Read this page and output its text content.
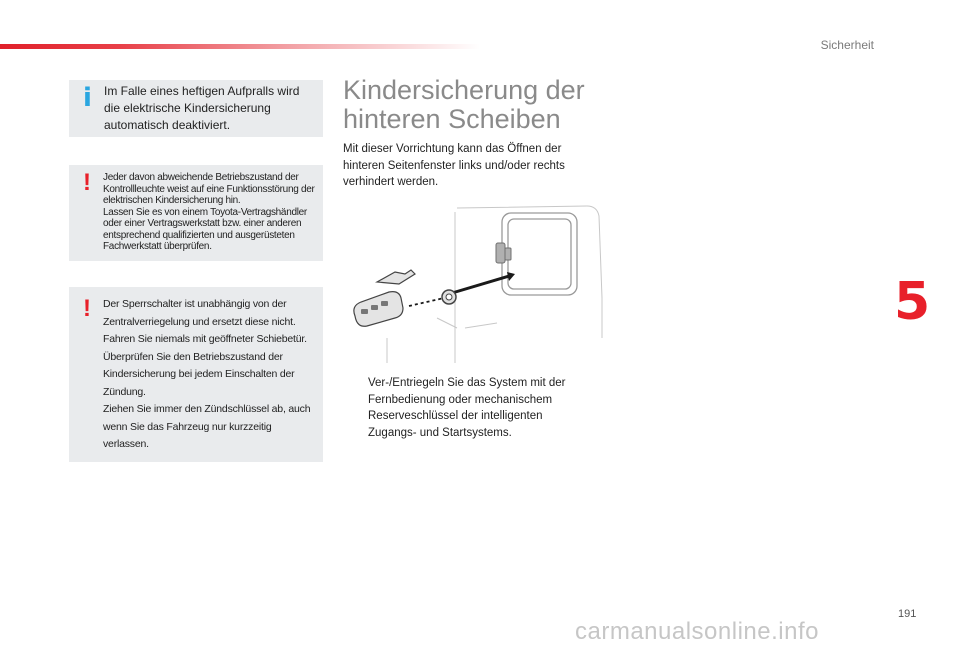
Sicherheit
5
191
i Im Falle eines heftigen Aufpralls wird die elektrische Kindersicherung automatisch deaktiviert.
! Jeder davon abweichende Betriebszustand der Kontrollleuchte weist auf eine Funktionsstörung der elektrischen Kindersicherung hin.
Lassen Sie es von einem Toyota-Vertragshändler oder einer Vertragswerkstatt bzw. einer anderen entsprechend qualifizierten und ausgerüsteten Fachwerkstatt überprüfen.
! Der Sperrschalter ist unabhängig von der Zentralverriegelung und ersetzt diese nicht.
Fahren Sie niemals mit geöffneter Schiebetür.
Überprüfen Sie den Betriebszustand der Kindersicherung bei jedem Einschalten der Zündung.
Ziehen Sie immer den Zündschlüssel ab, auch wenn Sie das Fahrzeug nur kurzzeitig verlassen.
Kindersicherung der hinteren Scheiben
Mit dieser Vorrichtung kann das Öffnen der hinteren Seitenfenster links und/oder rechts verhindert werden.
Ver-/Entriegeln Sie das System mit der Fernbedienung oder mechanischem Reserveschlüssel der intelligenten Zugangs- und Startsystems.
carmanualsonline.info
